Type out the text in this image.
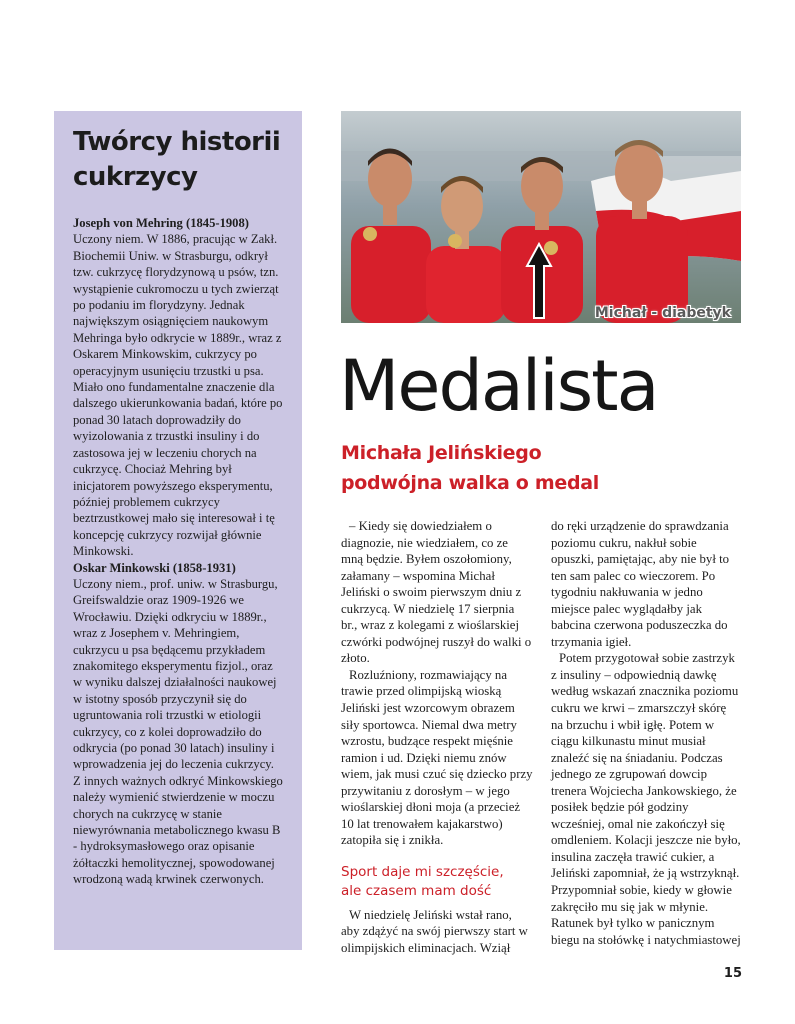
Twórcy historii
cukrzycy
Joseph von Mehring (1845-1908)
Uczony niem. W 1886, pracując w Zakł. Biochemii Uniw. w Strasburgu, odkrył tzw. cukrzycę florydzynową u psów, tzn. wystąpienie cukromoczu u tych zwierząt po podaniu im florydzyny. Jednak największym osiągnięciem naukowym Mehringa było odkrycie w 1889r., wraz z Oskarem Minkowskim, cukrzycy po operacyjnym usunięciu trzustki u psa. Miało ono fundamentalne znaczenie dla dalszego ukierunkowania badań, które po ponad 30 latach doprowadziły do wyizolowania z trzustki insuliny i do zastosowa jej w leczeniu chorych na cukrzycę. Chociaż Mehring był inicjatorem powyższego eksperymentu, później problemem cukrzycy beztrzustkowej mało się interesował i tę koncepcję cukrzycy rozwijał głównie Minkowski.
Oskar Minkowski (1858-1931)
Uczony niem., prof. uniw. w Strasburgu, Greifswaldzie oraz 1909-1926 we Wrocławiu. Dzięki odkryciu w 1889r., wraz z Josephem v. Mehringiem, cukrzycu u psa będącemu przykładem znakomitego eksperymentu fizjol., oraz w wyniku dalszej działalności naukowej w istotny sposób przyczynił się do ugruntowania roli trzustki w etiologii cukrzycy, co z kolei doprowadziło do odkrycia (po ponad 30 latach) insuliny i wprowadzenia jej do leczenia cukrzycy. Z innych ważnych odkryć Minkowskiego należy wymienić stwierdzenie w moczu chorych na cukrzycę w stanie niewyrównania metabolicznego kwasu B - hydroksymasłowego oraz opisanie żółtaczki hemolitycznej, spowodowanej wrodzoną wadą krwinek czerwonych.
Michał - diabetyk
Medalista
Michała Jelińskiego
podwójna walka o medal

– Kiedy się dowiedziałem o diagnozie, nie wiedziałem, co ze mną będzie. Byłem oszołomiony, załamany – wspomina Michał Jeliński o swoim pierwszym dniu z cukrzycą. W niedzielę 17 sierpnia br., wraz z kolegami z wioślarskiej czwórki podwójnej ruszył do walki o złoto.

Rozluźniony, rozmawiający na trawie przed olimpijską wioską Jeliński jest wzorcowym obrazem siły sportowca. Niemal dwa metry wzrostu, budzące respekt mięśnie ramion i ud. Dzięki niemu znów wiem, jak musi czuć się dziecko przy przywitaniu z dorosłym – w jego wioślarskiej dłoni moja (a przecież 10 lat trenowałem kajakarstwo) zatopiła się i znikła.

Sport daje mi szczęście,
ale czasem mam dość

W niedzielę Jeliński wstał rano, aby zdążyć na swój pierwszy start w olimpijskich eliminacjach. Wziął

do ręki urządzenie do sprawdzania poziomu cukru, nakłuł sobie opuszki, pamiętając, aby nie był to ten sam palec co wieczorem. Po tygodniu nakłuwania w jedno miejsce palec wyglądałby jak babcina czerwona poduszeczka do trzymania igieł.

Potem przygotował sobie zastrzyk z insuliny – odpowiednią dawkę według wskazań znacznika poziomu cukru we krwi – zmarszczył skórę na brzuchu i wbił igłę. Potem w ciągu kilkunastu minut musiał znaleźć się na śniadaniu. Podczas jednego ze zgrupowań dowcip trenera Wojciecha Jankowskiego, że posiłek będzie pół godziny wcześniej, omal nie zakończył się omdleniem. Kolacji jeszcze nie było, insulina zaczęła trawić cukier, a Jeliński zapomniał, że ją wstrzyknął. Przypomniał sobie, kiedy w głowie zakręciło mu się jak w młynie. Ratunek był tylko w panicznym biegu na stołówkę i natychmiastowej

15
